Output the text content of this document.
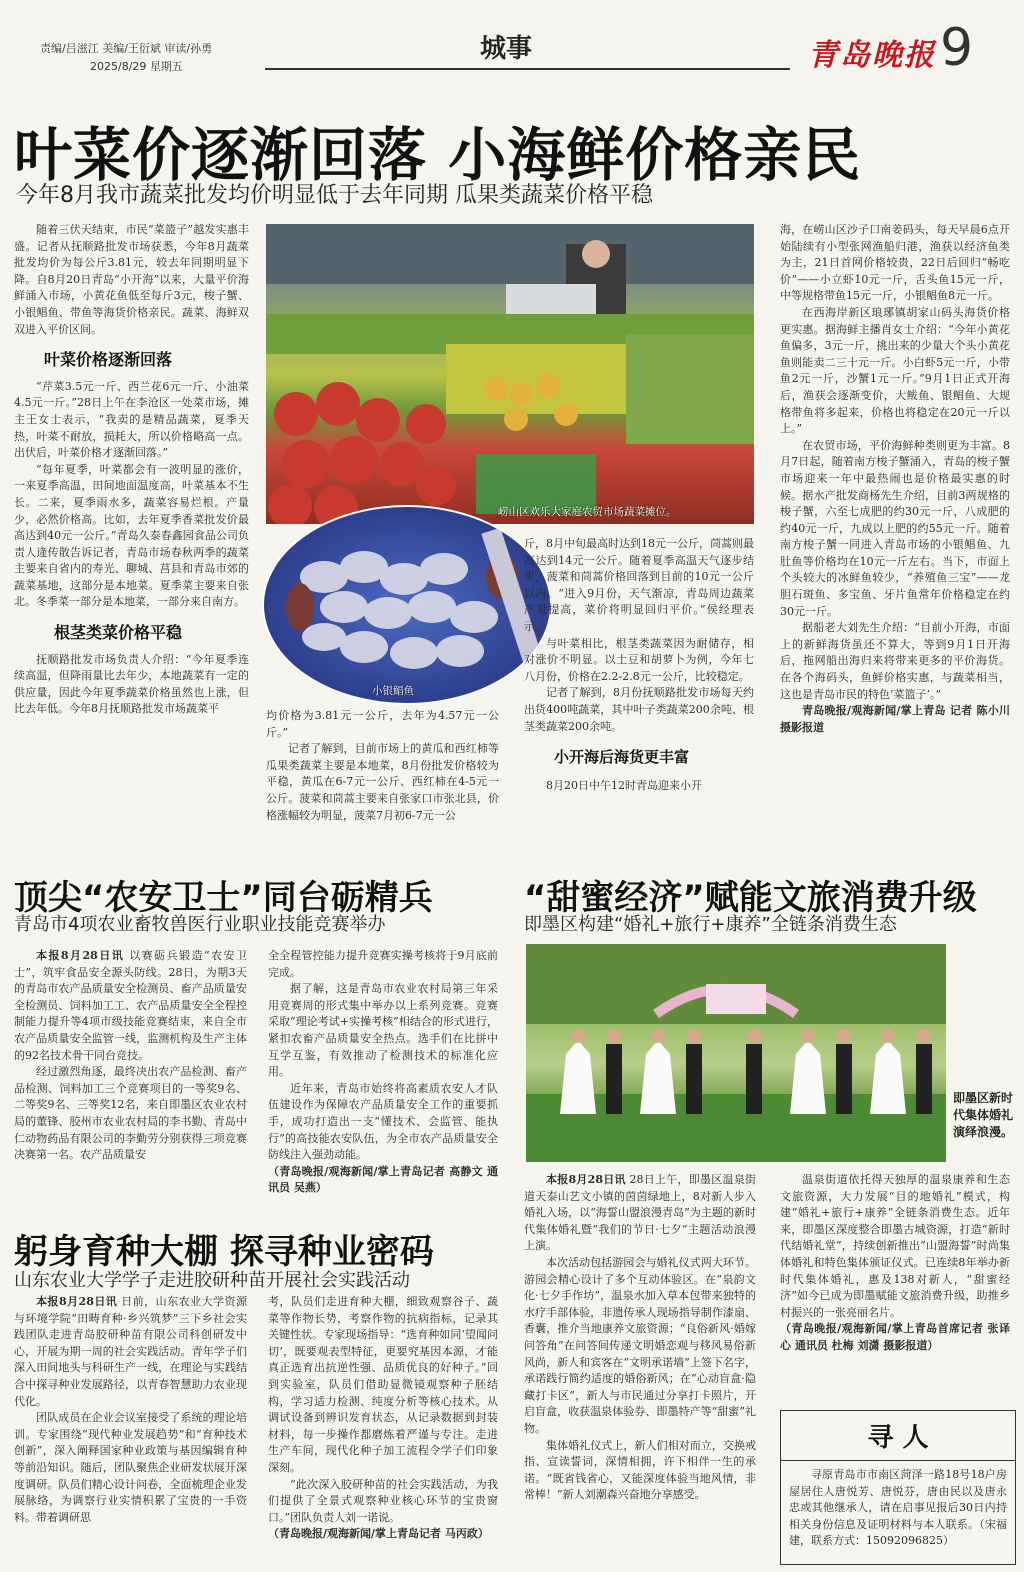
责编/吕滋江 美编/王衍斌 审读/孙勇
2025/8/29 星期五
城事	青岛晚报 9
叶菜价逐渐回落 小海鲜价格亲民
今年8月我市蔬菜批发均价明显低于去年同期 瓜果类蔬菜价格平稳

随着三伏天结束，市民“菜篮子”越发实惠丰盛。记者从抚顺路批发市场获悉，今年8月蔬菜批发均价为每公斤3.81元，较去年同期明显下降。自8月20日青岛“小开海”以来，大量平价海鲜涌入市场，小黄花鱼低至每斤3元，梭子蟹、小银鲳鱼、带鱼等海货价格亲民。蔬菜、海鲜双双进入平价区间。

叶菜价格逐渐回落

“芹菜3.5元一斤、西兰花6元一斤、小油菜4.5元一斤。”28日上午在李沧区一处菜市场，摊主王女士表示，“我卖的是精品蔬菜，夏季天热，叶菜不耐放，损耗大，所以价格略高一点。出伏后，叶菜价格才逐渐回落。”

“每年夏季，叶菜都会有一波明显的涨价，一来夏季高温，田间地面温度高，叶菜基本不生长。二来，夏季雨水多，蔬菜容易烂根。产量少，必然价格高。比如，去年夏季香菜批发价最高达到40元一公斤。”青岛久泰春鑫园食品公司负责人逄传散告诉记者，青岛市场春秋两季的蔬菜主要来自省内的寿光、聊城、莒县和青岛市郊的蔬菜基地，这部分是本地菜。夏季菜主要来自张北。冬季菜一部分是本地菜，一部分来自南方。

根茎类菜价格平稳

抚顺路批发市场负责人介绍：“今年夏季连续高温，但降雨量比去年少，本地蔬菜有一定的供应量，因此今年夏季蔬菜价格虽然也上涨，但比去年低。今年8月抚顺路批发市场蔬菜平

崂山区欢乐大家庭农贸市场蔬菜摊位。
小银鲳鱼

均价格为3.81元一公斤，去年为4.57元一公斤。”

记者了解到，目前市场上的黄瓜和西红柿等瓜果类蔬菜主要是本地菜，8月份批发价格较为平稳，黄瓜在6-7元一公斤、西红柿在4-5元一公斤。菠菜和茼蒿主要来自张家口市张北县，价格涨幅较为明显，菠菜7月初6-7元一公

斤，8月中旬最高时达到18元一公斤，茼蒿则最高达到14元一公斤。随着夏季高温天气逐步结束，菠菜和茼蒿价格回落到目前的10元一公斤以内。“进入9月份，天气渐凉，青岛周边蔬菜产量提高，菜价将明显回归平价。”侯经理表示。

与叶菜相比，根茎类蔬菜因为耐储存，相对涨价不明显。以土豆和胡萝卜为例，今年七八月份，价格在2.2-2.8元一公斤，比较稳定。

记者了解到，8月份抚顺路批发市场每天约出货400吨蔬菜，其中叶子类蔬菜200余吨、根茎类蔬菜200余吨。

小开海后海货更丰富

8月20日中午12时青岛迎来小开

海，在崂山区沙子口南姜码头，每天早晨6点开始陆续有小型张网渔船归港，渔获以经济鱼类为主，21日首网价格较贵，22日后回归“畅吃价”——小立虾10元一斤，舌头鱼15元一斤，中等规格带鱼15元一斤，小银鲳鱼8元一斤。

在西海岸新区琅琊镇胡家山码头海货价格更实惠。据海鲜主播肖女士介绍：“今年小黄花鱼偏多，3元一斤，挑出来的少量大个头小黄花鱼则能卖二三十元一斤。小白虾5元一斤，小带鱼2元一斤，沙蟹1元一斤。”9月1日正式开海后，渔获会逐渐变价，大鲅鱼、银鲳鱼、大规格带鱼将多起来，价格也将稳定在20元一斤以上。”

在农贸市场，平价海鲜种类则更为丰富。8月7日起，随着南方梭子蟹涌入，青岛的梭子蟹市场迎来一年中最热闹也是价格最实惠的时候。据水产批发商杨先生介绍，目前3两规格的梭子蟹，六至七成肥的约30元一斤，八成肥的约40元一斤，九成以上肥的约55元一斤。随着南方梭子蟹一同进入青岛市场的小银鲳鱼、九肚鱼等价格均在10元一斤左右。当下，市面上个头较大的冰鲜鱼较少，“养殖鱼三宝”——龙胆石斑鱼、多宝鱼、牙片鱼常年价格稳定在约30元一斤。

据船老大刘先生介绍：“目前小开海，市面上的新鲜海货虽还不算大，等到9月1日开海后，拖网船出海归来将带来更多的平价海货。在各个海码头，鱼鲜价格实惠，与蔬菜相当，这也是青岛市民的特色‘菜篮子’。”

青岛晚报/观海新闻/掌上青岛 记者 陈小川 摄影报道

顶尖“农安卫士”同台砺精兵
青岛市4项农业畜牧兽医行业职业技能竞赛举办

本报8月28日讯 以赛砺兵锻造“农安卫士”，筑牢食品安全源头防线。28日，为期3天的青岛市农产品质量安全检测员、畜产品质量安全检测员、饲料加工工、农产品质量安全全程控制能力提升等4项市级技能竞赛结束，来自全市农产品质量安全监管一线，监测机构及生产主体的92名技术骨干同台竞技。

经过激烈角逐，最终决出农产品检测、畜产品检测、饲料加工三个竞赛项目的一等奖9名、二等奖9名、三等奖12名，来自即墨区农业农村局的董锋、胶州市农业农村局的李书勤、青岛中仁动物药品有限公司的李勤劳分别获得三项竞赛决赛第一名。农产品质量安

全全程管控能力提升竞赛实操考核将于9月底前完成。

据了解，这是青岛市农业农村局第三年采用竞赛周的形式集中举办以上系列竞赛。竞赛采取“理论考试+实操考核”相结合的形式进行，紧扣农畜产品质量安全热点。选手们在比拼中互学互鉴，有效推动了检测技术的标准化应用。

近年来，青岛市始终将高素质农安人才队伍建设作为保障农产品质量安全工作的重要抓手，成功打造出一支“懂技术、会监管、能执行”的高技能农安队伍，为全市农产品质量安全防线注入强劲动能。

（青岛晚报/观海新闻/掌上青岛记者 高静文 通讯员 吴燕）

“甜蜜经济”赋能文旅消费升级
即墨区构建“婚礼+旅行+康养”全链条消费生态
即墨区新时代集体婚礼演绎浪漫。

本报8月28日讯 28日上午，即墨区温泉街道天泰山艺文小镇的茵茵绿地上，8对新人步入婚礼入场，以“海誓山盟浪漫青岛”为主题的新时代集体婚礼暨“我们的节日·七夕”主题活动浪漫上演。

本次活动包括游园会与婚礼仪式两大环节。游园会精心设计了多个互动体验区。在“泉韵文化·七夕手作坊”，温泉水加入草本包带来独特的水疗手部体验，非遗传承人现场指导制作漆扇、香囊，推介当地康养文旅资源；“良俗新风·婚嫁问答角”在问答间传递文明婚恋观与移风易俗新风尚，新人和宾客在“文明承诺墙”上签下名字，承诺践行简约适度的婚俗新风；在“心动盲盒·隐藏打卡区”，新人与市民通过分享打卡照片，开启盲盒，收获温泉体验券、即墨特产等“甜蜜”礼物。

集体婚礼仪式上，新人们相对而立，交换戒指、宣读誓词，深情相拥，许下相伴一生的承诺。“既省钱省心，又能深度体验当地风情，非常棒！”新人刘潮森兴奋地分享感受。

温泉街道依托得天独厚的温泉康养和生态文旅资源，大力发展“目的地婚礼”模式，构建“婚礼+旅行+康养”全链条消费生态。近年来，即墨区深度整合即墨古城资源，打造“新时代结婚礼堂”，持续创新推出“山盟海誓”时尚集体婚礼和特色集体颁证仪式。已连续8年举办新时代集体婚礼，惠及138对新人，“甜蜜经济”如今已成为即墨赋能文旅消费升级，助推乡村振兴的一张亮丽名片。

（青岛晚报/观海新闻/掌上青岛首席记者 张译心 通讯员 杜梅 刘潇 摄影报道）

躬身育种大棚 探寻种业密码
山东农业大学学子走进胶研种苗开展社会实践活动

本报8月28日讯 日前，山东农业大学资源与环境学院“田畴育种·乡兴筑梦”三下乡社会实践团队走进青岛胶研种苗有限公司科创研发中心，开展为期一周的社会实践活动。青年学子们深入田间地头与科研生产一线，在理论与实践结合中探寻种业发展路径，以青春智慧助力农业现代化。

团队成员在企业会议室接受了系统的理论培训。专家围绕“现代种业发展趋势”和“育种技术创新”，深入阐释国家种业政策与基因编辑育种等前沿知识。随后，团队聚焦企业研发状展开深度调研。队员们精心设计问卷，全面梳理企业发展脉络，为调察行业实情积累了宝贵的一手资料。带着调研思

考，队员们走进育种大棚，细致观察谷子、蔬菜等作物长势，考察作物的抗病指标，记录其关键性状。专家现场指导：“选育种如同‘望闻问切’，既要观表型特征，更要究基因本源，才能真正选育出抗逆性强、品质优良的好种子。”回到实验室，队员们借助显微镜观察种子胚结构，学习适力检测、纯度分析等核心技术。从调试设备到辨识发育状态，从记录数据到封装材料，每一步操作都磨炼着严谨与专注。走进生产车间，现代化种子加工流程令学子们印象深刻。

“此次深入胶研种苗的社会实践活动，为我们提供了全景式观察种业核心环节的宝贵窗口。”团队负责人刘一诺说。

（青岛晚报/观海新闻/掌上青岛记者 马丙政）

寻 人

寻原青岛市市南区菏泽一路18号18户房屋居住人唐悦芳、唐悦芬，唐由民以及唐永忠或其他继承人，请在启事见报后30日内持相关身份信息及证明材料与本人联系。（宋福建，联系方式：15092096825）
